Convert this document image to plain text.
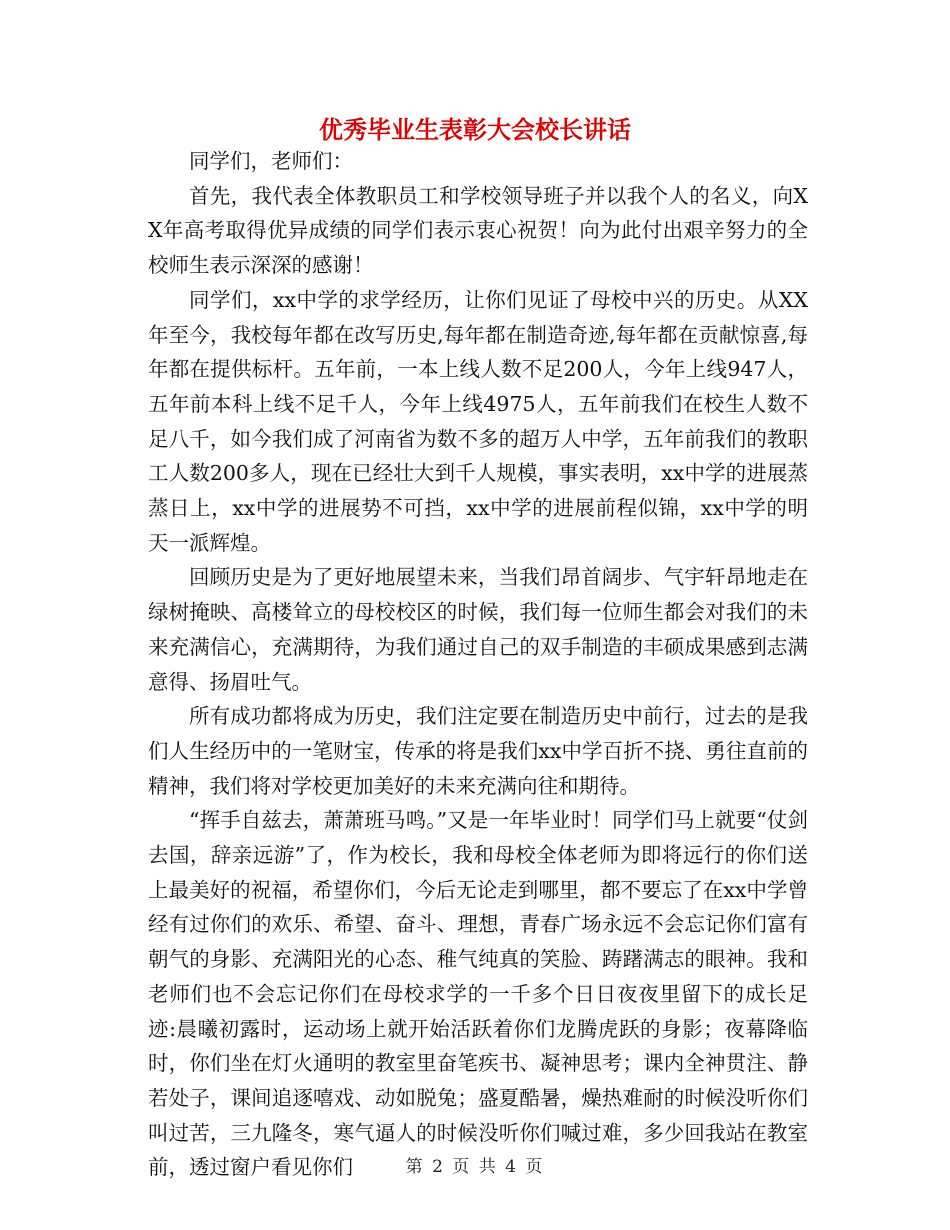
优秀毕业生表彰大会校长讲话

同学们，老师们：

首先，我代表全体教职员工和学校领导班子并以我个人的名义，向XX年高考取得优异成绩的同学们表示衷心祝贺！向为此付出艰辛努力的全校师生表示深深的感谢！

同学们，xx中学的求学经历，让你们见证了母校中兴的历史。从XX年至今，我校每年都在改写历史,每年都在制造奇迹,每年都在贡献惊喜,每年都在提供标杆。五年前，一本上线人数不足200人，今年上线947人，五年前本科上线不足千人，今年上线4975人，五年前我们在校生人数不足八千，如今我们成了河南省为数不多的超万人中学，五年前我们的教职工人数200多人，现在已经壮大到千人规模，事实表明，xx中学的进展蒸蒸日上，xx中学的进展势不可挡，xx中学的进展前程似锦，xx中学的明天一派辉煌。

回顾历史是为了更好地展望未来，当我们昂首阔步、气宇轩昂地走在绿树掩映、高楼耸立的母校校区的时候，我们每一位师生都会对我们的未来充满信心，充满期待，为我们通过自己的双手制造的丰硕成果感到志满意得、扬眉吐气。

所有成功都将成为历史，我们注定要在制造历史中前行，过去的是我们人生经历中的一笔财宝，传承的将是我们xx中学百折不挠、勇往直前的精神，我们将对学校更加美好的未来充满向往和期待。

“挥手自兹去，萧萧班马鸣。”又是一年毕业时！同学们马上就要“仗剑去国，辞亲远游”了，作为校长，我和母校全体老师为即将远行的你们送上最美好的祝福，希望你们，今后无论走到哪里，都不要忘了在xx中学曾经有过你们的欢乐、希望、奋斗、理想，青春广场永远不会忘记你们富有朝气的身影、充满阳光的心态、稚气纯真的笑脸、踌躇满志的眼神。我和老师们也不会忘记你们在母校求学的一千多个日日夜夜里留下的成长足迹:晨曦初露时，运动场上就开始活跃着你们龙腾虎跃的身影；夜幕降临时，你们坐在灯火通明的教室里奋笔疾书、凝神思考；课内全神贯注、静若处子，课间追逐嘻戏、动如脱兔；盛夏酷暑，燥热难耐的时候没听你们叫过苦，三九隆冬，寒气逼人的时候没听你们喊过难，多少回我站在教室前，透过窗户看见你们	第 2 页 共 4 页
